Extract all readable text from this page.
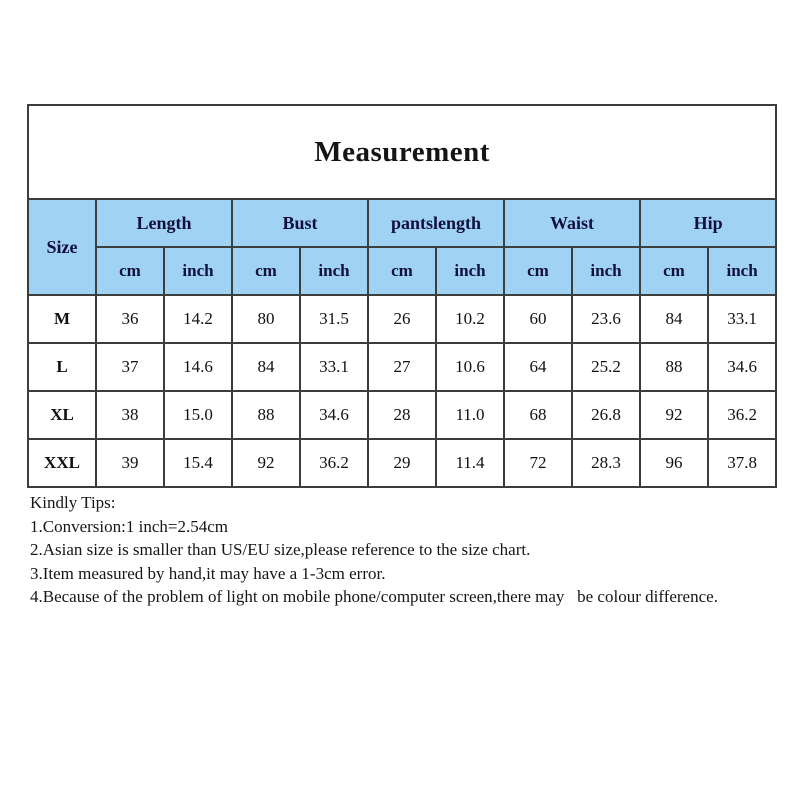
Measurement										
Size	Length		Bust		pantslength		Waist		Hip	
	cm	inch	cm	inch	cm	inch	cm	inch	cm	inch
M	36	14.2	80	31.5	26	10.2	60	23.6	84	33.1
L	37	14.6	84	33.1	27	10.6	64	25.2	88	34.6
XL	38	15.0	88	34.6	28	11.0	68	26.8	92	36.2
XXL	39	15.4	92	36.2	29	11.4	72	28.3	96	37.8
Kindly Tips:
1.Conversion:1 inch=2.54cm
2.Asian size is smaller than US/EU size,please reference to the size chart.
3.Item measured by hand,it may have a 1-3cm error.
4.Because of the problem of light on mobile phone/computer screen,there may   be colour difference.
